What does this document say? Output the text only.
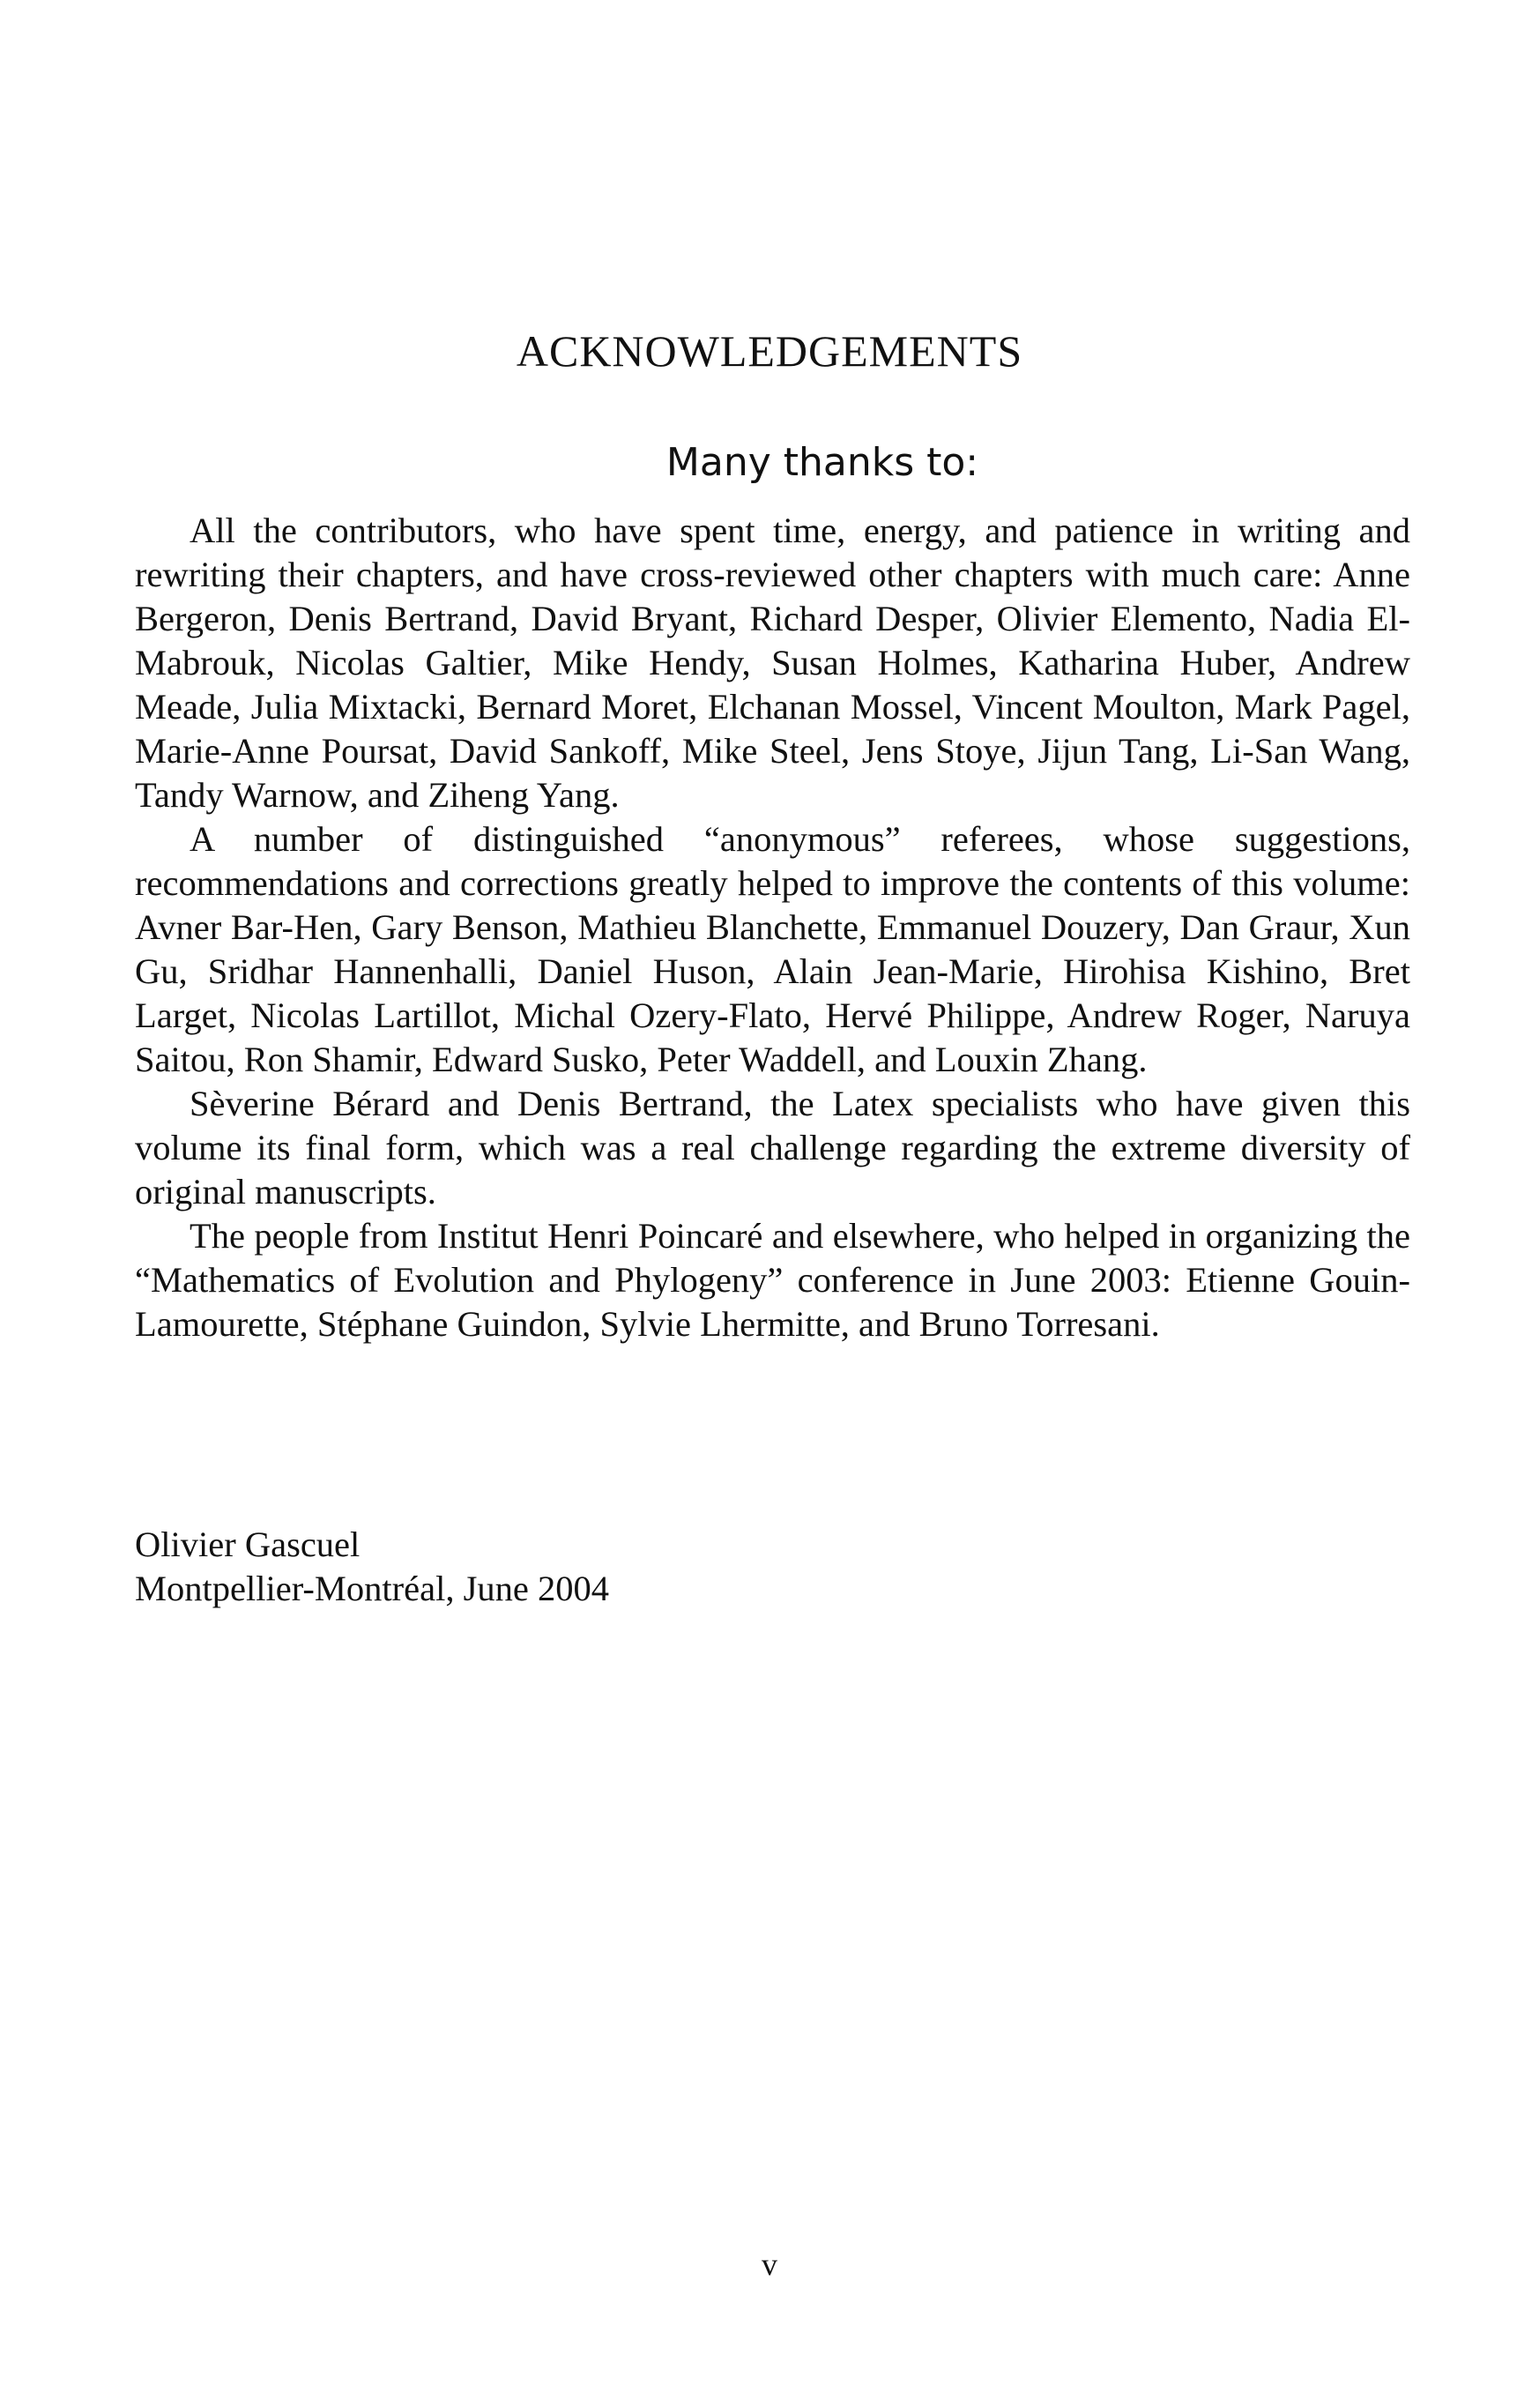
ACKNOWLEDGEMENTS
Many thanks to:

All the contributors, who have spent time, energy, and patience in writing and rewriting their chapters, and have cross-reviewed other chapters with much care: Anne Bergeron, Denis Bertrand, David Bryant, Richard Desper, Olivier Elemento, Nadia El-Mabrouk, Nicolas Galtier, Mike Hendy, Susan Holmes, Katharina Huber, Andrew Meade, Julia Mixtacki, Bernard Moret, Elchanan Mossel, Vincent Moulton, Mark Pagel, Marie-Anne Poursat, David Sankoff, Mike Steel, Jens Stoye, Jijun Tang, Li-San Wang, Tandy Warnow, and Ziheng Yang.

A number of distinguished “anonymous” referees, whose suggestions, recommendations and corrections greatly helped to improve the contents of this volume: Avner Bar-Hen, Gary Benson, Mathieu Blanchette, Emmanuel Douzery, Dan Graur, Xun Gu, Sridhar Hannenhalli, Daniel Huson, Alain Jean-Marie, Hirohisa Kishino, Bret Larget, Nicolas Lartillot, Michal Ozery-Flato, Hervé Philippe, Andrew Roger, Naruya Saitou, Ron Shamir, Edward Susko, Peter Waddell, and Louxin Zhang.

Sèverine Bérard and Denis Bertrand, the Latex specialists who have given this volume its final form, which was a real challenge regarding the extreme diversity of original manuscripts.

The people from Institut Henri Poincaré and elsewhere, who helped in organizing the “Mathematics of Evolution and Phylogeny” conference in June 2003: Etienne Gouin-Lamourette, Stéphane Guindon, Sylvie Lhermitte, and Bruno Torresani.

Olivier Gascuel
Montpellier-Montréal, June 2004
v
